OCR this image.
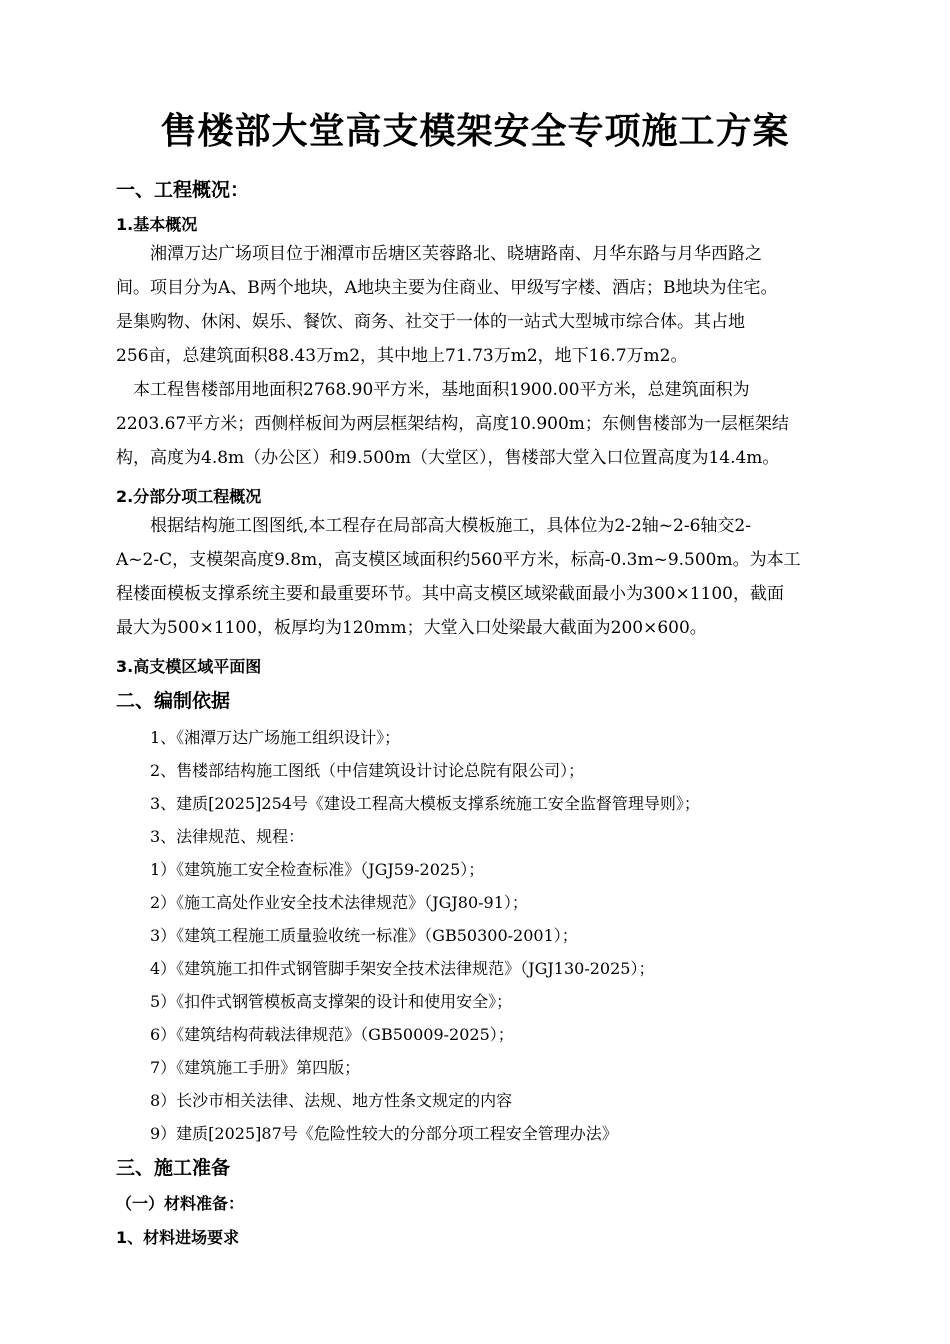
售楼部大堂高支模架安全专项施工方案
一、工程概况：
1.基本概况
　　湘潭万达广场项目位于湘潭市岳塘区芙蓉路北、晓塘路南、月华东路与月华西路之
间。项目分为A、B两个地块，A地块主要为住商业、甲级写字楼、酒店；B地块为住宅。
是集购物、休闲、娱乐、餐饮、商务、社交于一体的一站式大型城市综合体。其占地
256亩，总建筑面积88.43万m2，其中地上71.73万m2，地下16.7万m2。
　本工程售楼部用地面积2768.90平方米，基地面积1900.00平方米，总建筑面积为
2203.67平方米；西侧样板间为两层框架结构，高度10.900m；东侧售楼部为一层框架结
构，高度为4.8m（办公区）和9.500m（大堂区），售楼部大堂入口位置高度为14.4m。
2.分部分项工程概况
　　根据结构施工图图纸,本工程存在局部高大模板施工，具体位为2-2轴~2-6轴交2-
A~2-C，支模架高度9.8m，高支模区域面积约560平方米，标高-0.3m~9.500m。为本工
程楼面模板支撑系统主要和最重要环节。其中高支模区域梁截面最小为300×1100，截面
最大为500×1100，板厚均为120mm；大堂入口处梁最大截面为200×600。
3.高支模区域平面图
二、编制依据
1、《湘潭万达广场施工组织设计》；
2、售楼部结构施工图纸（中信建筑设计讨论总院有限公司）；
3、建质[2025]254号《建设工程高大模板支撑系统施工安全监督管理导则》；
3、法律规范、规程：
1）《建筑施工安全检查标准》（JGJ59-2025）；
2）《施工高处作业安全技术法律规范》（JGJ80-91）；
3）《建筑工程施工质量验收统一标准》（GB50300-2001）；
4）《建筑施工扣件式钢管脚手架安全技术法律规范》（JGJ130-2025）；
5）《扣件式钢管模板高支撑架的设计和使用安全》；
6）《建筑结构荷载法律规范》（GB50009-2025）；
7）《建筑施工手册》第四版；
8）长沙市相关法律、法规、地方性条文规定的内容
9）建质[2025]87号《危险性较大的分部分项工程安全管理办法》
三、施工准备
（一）材料准备：
1、材料进场要求
